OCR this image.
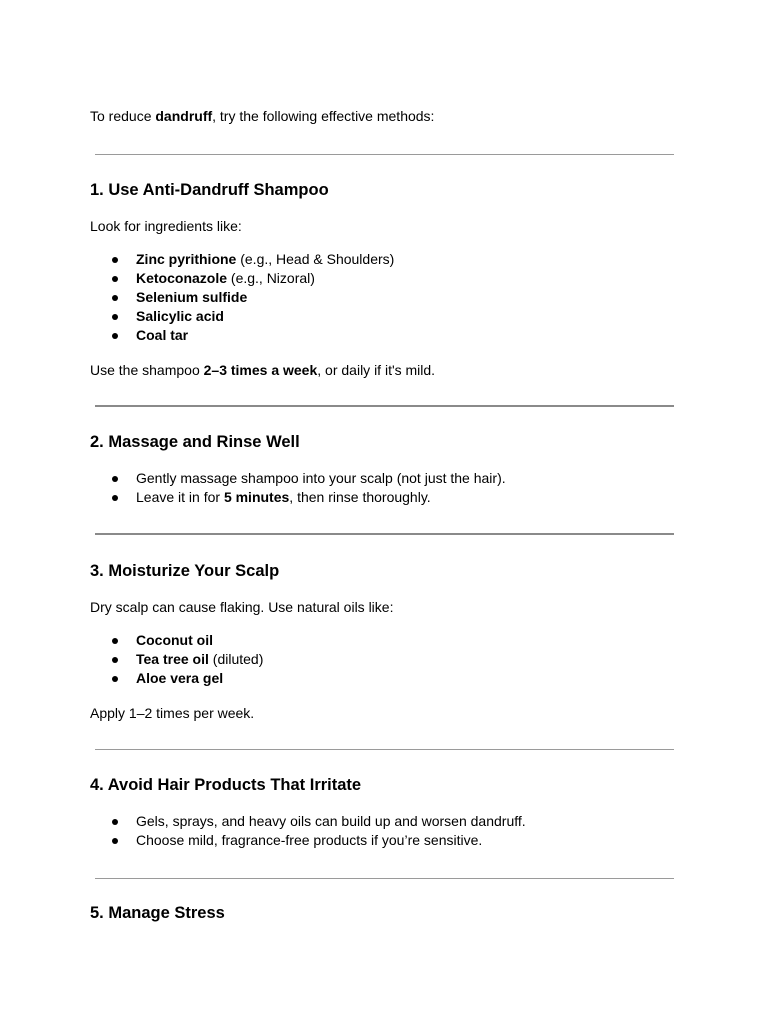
To reduce dandruff, try the following effective methods:
1. Use Anti-Dandruff Shampoo
Look for ingredients like:
Zinc pyrithione (e.g., Head & Shoulders)
Ketoconazole (e.g., Nizoral)
Selenium sulfide
Salicylic acid
Coal tar
Use the shampoo 2–3 times a week, or daily if it's mild.
2. Massage and Rinse Well
Gently massage shampoo into your scalp (not just the hair).
Leave it in for 5 minutes, then rinse thoroughly.
3. Moisturize Your Scalp
Dry scalp can cause flaking. Use natural oils like:
Coconut oil
Tea tree oil (diluted)
Aloe vera gel
Apply 1–2 times per week.
4. Avoid Hair Products That Irritate
Gels, sprays, and heavy oils can build up and worsen dandruff.
Choose mild, fragrance-free products if you’re sensitive.
5. Manage Stress
